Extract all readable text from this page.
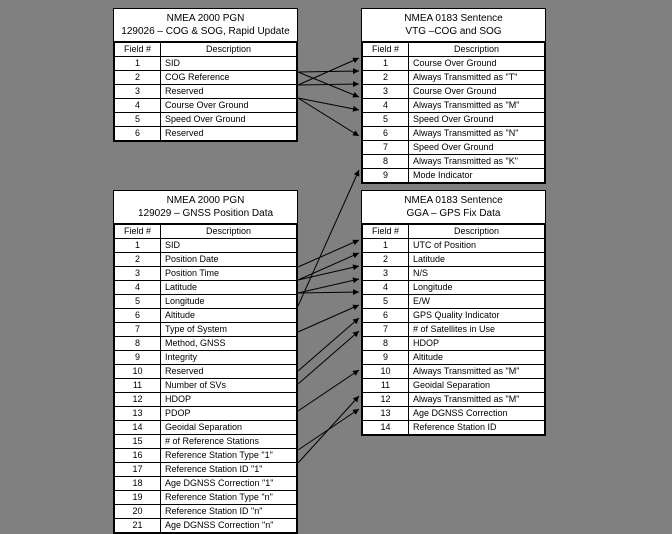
NMEA 2000 PGN
129026 – COG & SOG, Rapid Update
Field #	Description
1	SID
2	COG Reference
3	Reserved
4	Course Over Ground
5	Speed Over Ground
6	Reserved
NMEA 0183 Sentence
VTG –COG and SOG
Field #	Description
1	Course Over Ground
2	Always Transmitted as "T"
3	Course Over Ground
4	Always Transmitted as "M"
5	Speed Over Ground
6	Always Transmitted as "N"
7	Speed Over Ground
8	Always Transmitted as "K"
9	Mode Indicator
NMEA 2000 PGN
129029 – GNSS Position Data
Field #	Description
1	SID
2	Position Date
3	Position Time
4	Latitude
5	Longitude
6	Altitude
7	Type of System
8	Method, GNSS
9	Integrity
10	Reserved
11	Number of SVs
12	HDOP
13	PDOP
14	Geoidal Separation
15	# of Reference Stations
16	Reference Station Type "1"
17	Reference Station ID "1"
18	Age DGNSS Correction "1"
19	Reference Station Type "n"
20	Reference Station ID "n"
21	Age DGNSS Correction "n"
NMEA 0183 Sentence
GGA – GPS Fix Data
Field #	Description
1	UTC of Position
2	Latitude
3	N/S
4	Longitude
5	E/W
6	GPS Quality Indicator
7	# of Satellites in Use
8	HDOP
9	Altitude
10	Always Transmitted as "M"
11	Geoidal Separation
12	Always Transmitted as "M"
13	Age DGNSS Correction
14	Reference Station ID
